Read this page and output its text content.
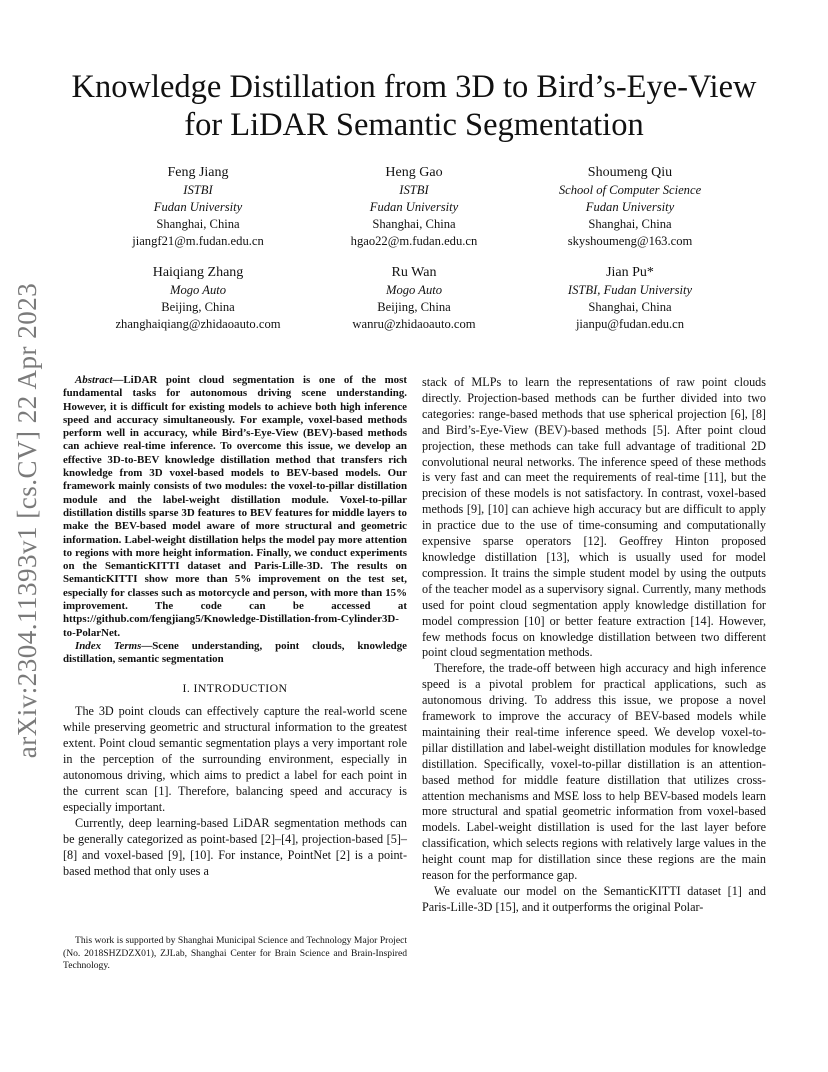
arXiv:2304.11393v1 [cs.CV] 22 Apr 2023
Knowledge Distillation from 3D to Bird’s-Eye-View for LiDAR Semantic Segmentation
Feng Jiang
ISTBI
Fudan University
Shanghai, China
jiangf21@m.fudan.edu.cn
Heng Gao
ISTBI
Fudan University
Shanghai, China
hgao22@m.fudan.edu.cn
Shoumeng Qiu
School of Computer Science
Fudan University
Shanghai, China
skyshoumeng@163.com
Haiqiang Zhang
Mogo Auto
Beijing, China
zhanghaiqiang@zhidaoauto.com
Ru Wan
Mogo Auto
Beijing, China
wanru@zhidaoauto.com
Jian Pu*
ISTBI, Fudan University
Shanghai, China
jianpu@fudan.edu.cn

Abstract—LiDAR point cloud segmentation is one of the most fundamental tasks for autonomous driving scene understanding. However, it is difficult for existing models to achieve both high inference speed and accuracy simultaneously. For example, voxel-based methods perform well in accuracy, while Bird’s-Eye-View (BEV)-based methods can achieve real-time inference. To overcome this issue, we develop an effective 3D-to-BEV knowledge distillation method that transfers rich knowledge from 3D voxel-based models to BEV-based models. Our framework mainly consists of two modules: the voxel-to-pillar distillation module and the label-weight distillation module. Voxel-to-pillar distillation distills sparse 3D features to BEV features for middle layers to make the BEV-based model aware of more structural and geometric information. Label-weight distillation helps the model pay more attention to regions with more height information. Finally, we conduct experiments on the SemanticKITTI dataset and Paris-Lille-3D. The results on SemanticKITTI show more than 5% improvement on the test set, especially for classes such as motorcycle and person, with more than 15% improvement. The code can be accessed at https://github.com/fengjiang5/Knowledge-Distillation-from-Cylinder3D-to-PolarNet.

Index Terms—Scene understanding, point clouds, knowledge distillation, semantic segmentation

I. INTRODUCTION

The 3D point clouds can effectively capture the real-world scene while preserving geometric and structural information to the greatest extent. Point cloud semantic segmentation plays a very important role in the perception of the surrounding environment, especially in autonomous driving, which aims to predict a label for each point in the current scan [1]. Therefore, balancing speed and accuracy is especially important.

Currently, deep learning-based LiDAR segmentation methods can be generally categorized as point-based [2]–[4], projection-based [5]–[8] and voxel-based [9], [10]. For instance, PointNet [2] is a point-based method that only uses a

This work is supported by Shanghai Municipal Science and Technology Major Project (No. 2018SHZDZX01), ZJLab, Shanghai Center for Brain Science and Brain-Inspired Technology.

stack of MLPs to learn the representations of raw point clouds directly. Projection-based methods can be further divided into two categories: range-based methods that use spherical projection [6], [8] and Bird’s-Eye-View (BEV)-based methods [5]. After point cloud projection, these methods can take full advantage of traditional 2D convolutional neural networks. The inference speed of these methods is very fast and can meet the requirements of real-time [11], but the precision of these models is not satisfactory. In contrast, voxel-based methods [9], [10] can achieve high accuracy but are difficult to apply in practice due to the use of time-consuming and computationally expensive sparse operators [12]. Geoffrey Hinton proposed knowledge distillation [13], which is usually used for model compression. It trains the simple student model by using the outputs of the teacher model as a supervisory signal. Currently, many methods used for point cloud segmentation apply knowledge distillation for model compression [10] or better feature extraction [14]. However, few methods focus on knowledge distillation between two different point cloud segmentation methods.

Therefore, the trade-off between high accuracy and high inference speed is a pivotal problem for practical applications, such as autonomous driving. To address this issue, we propose a novel framework to improve the accuracy of BEV-based models while maintaining their real-time inference speed. We develop voxel-to-pillar distillation and label-weight distillation modules for knowledge distillation. Specifically, voxel-to-pillar distillation is an attention-based method for middle feature distillation that utilizes cross-attention mechanisms and MSE loss to help BEV-based models learn more structural and spatial geometric information from voxel-based models. Label-weight distillation is used for the last layer before classification, which selects regions with relatively large values in the height count map for distillation since these regions are the main reason for the performance gap.

We evaluate our model on the SemanticKITTI dataset [1] and Paris-Lille-3D [15], and it outperforms the original Polar-
